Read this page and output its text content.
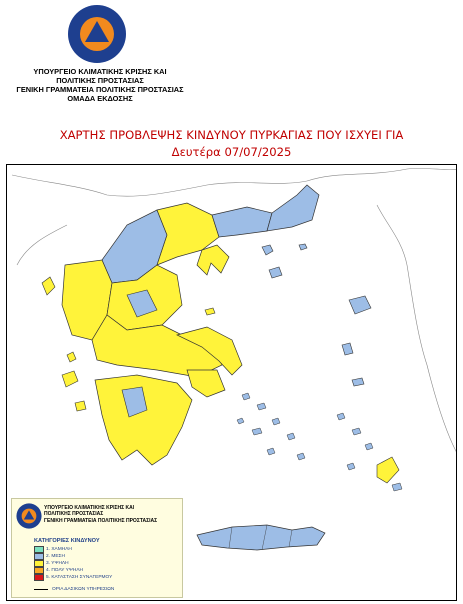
ΥΠΟΥΡΓΕΙΟ ΚΛΙΜΑΤΙΚΗΣ ΚΡΙΣΗΣ ΚΑΙ
ΠΟΛΙΤΙΚΗΣ ΠΡΟΣΤΑΣΙΑΣ
ΓΕΝΙΚΗ ΓΡΑΜΜΑΤΕΙΑ ΠΟΛΙΤΙΚΗΣ ΠΡΟΣΤΑΣΙΑΣ
ΟΜΑΔΑ ΕΚΔΟΣΗΣ
ΧΑΡΤΗΣ ΠΡΟΒΛΕΨΗΣ ΚΙΝΔΥΝΟΥ ΠΥΡΚΑΓΙΑΣ ΠΟΥ ΙΣΧΥΕΙ ΓΙΑ
Δευτέρα 07/07/2025
ΥΠΟΥΡΓΕΙΟ ΚΛΙΜΑΤΙΚΗΣ ΚΡΙΣΗΣ ΚΑΙ
ΠΟΛΙΤΙΚΗΣ ΠΡΟΣΤΑΣΙΑΣ
ΓΕΝΙΚΗ ΓΡΑΜΜΑΤΕΙΑ ΠΟΛΙΤΙΚΗΣ ΠΡΟΣΤΑΣΙΑΣ
ΚΑΤΗΓΟΡΙΕΣ ΚΙΝΔΥΝΟΥ
1. ΧΑΜΗΛΗ
2. ΜΕΣΗ
3. ΥΨΗΛΗ
4. ΠΟΛΥ ΥΨΗΛΗ
5. ΚΑΤΑΣΤΑΣΗ ΣΥΝΑΓΕΡΜΟΥ
ΟΡΙΑ ΔΑΣΙΚΩΝ ΥΠΗΡΕΣΙΩΝ
